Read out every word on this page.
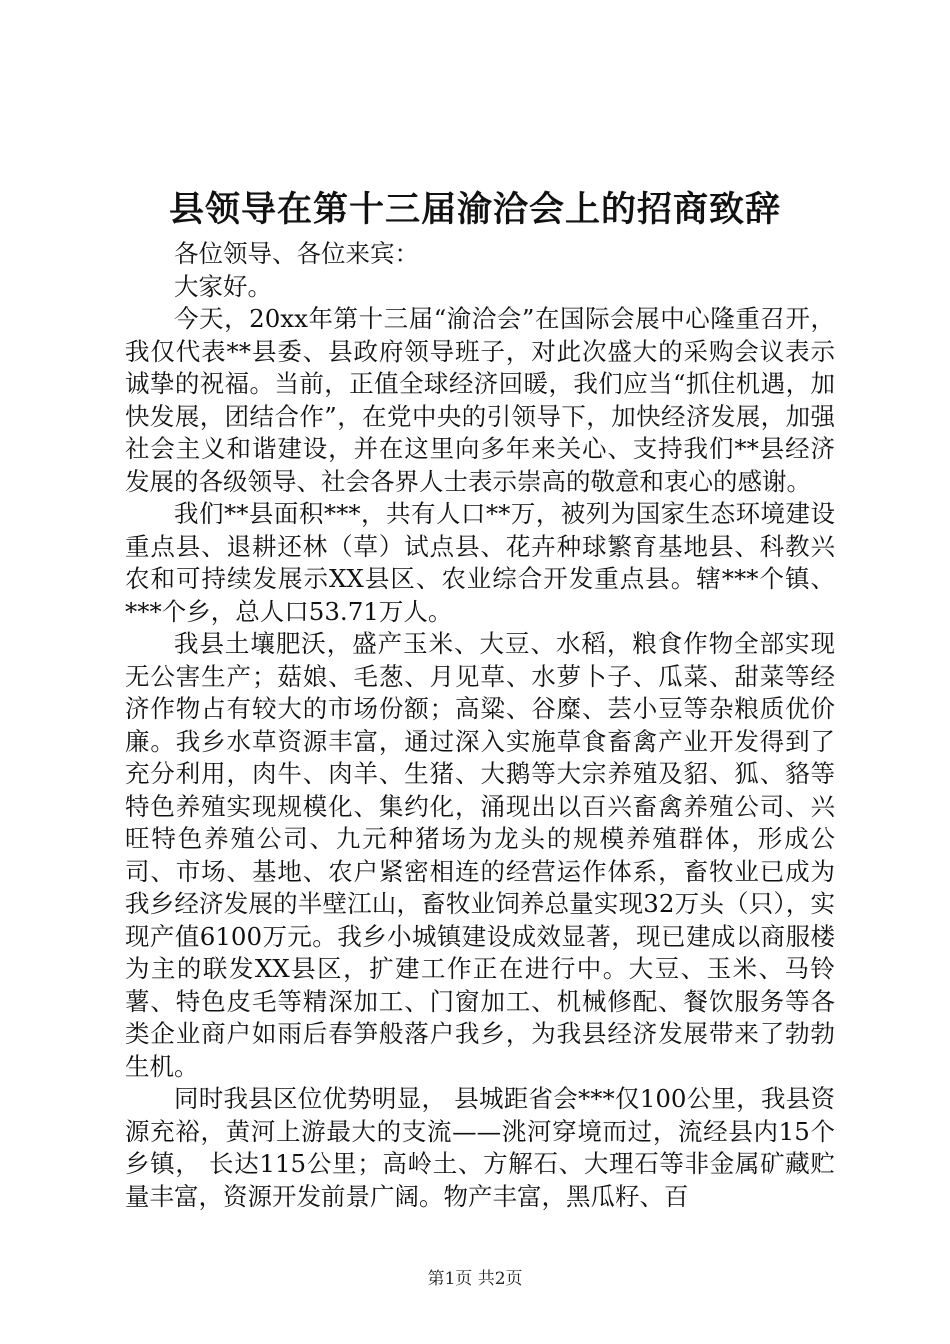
县领导在第十三届渝洽会上的招商致辞

各位领导、各位来宾：

大家好。

今天，20xx年第十三届“渝洽会”在国际会展中心隆重召开，我仅代表**县委、县政府领导班子，对此次盛大的采购会议表示诚挚的祝福。当前，正值全球经济回暖，我们应当“抓住机遇，加快发展，团结合作”，在党中央的引领导下，加快经济发展，加强社会主义和谐建设，并在这里向多年来关心、支持我们**县经济发展的各级领导、社会各界人士表示崇高的敬意和衷心的感谢。

我们**县面积***，共有人口**万，被列为国家生态环境建设重点县、退耕还林（草）试点县、花卉种球繁育基地县、科教兴农和可持续发展示XX县区、农业综合开发重点县。辖***个镇、 ***个乡，总人口53.71万人。

我县土壤肥沃，盛产玉米、大豆、水稻，粮食作物全部实现无公害生产；菇娘、毛葱、月见草、水萝卜子、瓜菜、甜菜等经济作物占有较大的市场份额；高粱、谷糜、芸小豆等杂粮质优价廉。我乡水草资源丰富，通过深入实施草食畜禽产业开发得到了充分利用，肉牛、肉羊、生猪、大鹅等大宗养殖及貂、狐、貉等特色养殖实现规模化、集约化，涌现出以百兴畜禽养殖公司、兴旺特色养殖公司、九元种猪场为龙头的规模养殖群体，形成公司、市场、基地、农户紧密相连的经营运作体系，畜牧业已成为我乡经济发展的半壁江山，畜牧业饲养总量实现32万头（只），实现产值6100万元。我乡小城镇建设成效显著，现已建成以商服楼为主的联发XX县区，扩建工作正在进行中。大豆、玉米、马铃薯、特色皮毛等精深加工、门窗加工、机械修配、餐饮服务等各类企业商户如雨后春笋般落户我乡，为我县经济发展带来了勃勃生机。

同时我县区位优势明显， 县城距省会***仅100公里，我县资源充裕，黄河上游最大的支流——洮河穿境而过，流经县内15个乡镇， 长达115公里；高岭土、方解石、大理石等非金属矿藏贮量丰富，资源开发前景广阔。物产丰富，黑瓜籽、百

第1页 共2页
